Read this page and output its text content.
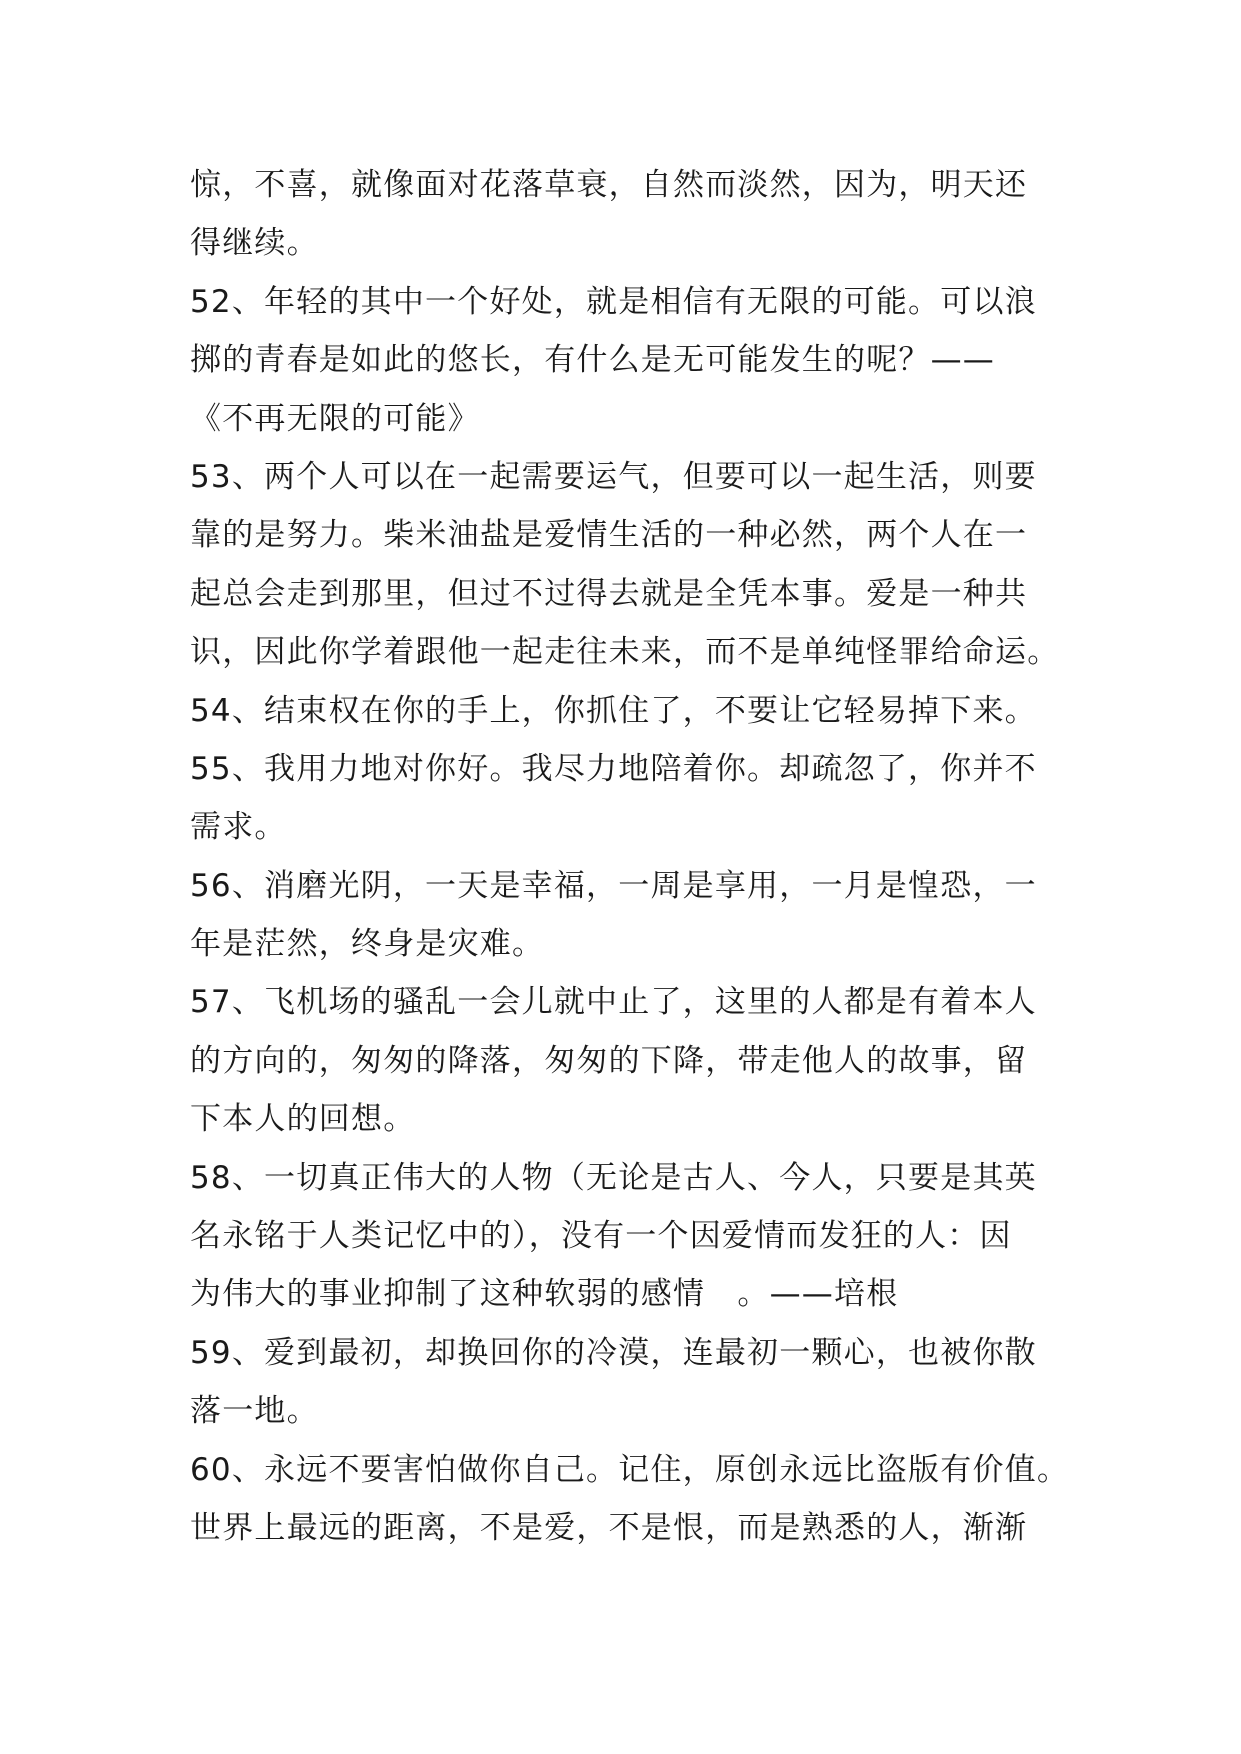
惊，不喜，就像面对花落草衰，自然而淡然，因为，明天还
得继续。
52、年轻的其中一个好处，就是相信有无限的可能。可以浪
掷的青春是如此的悠长，有什么是无可能发生的呢？——
《不再无限的可能》
53、两个人可以在一起需要运气，但要可以一起生活，则要
靠的是努力。柴米油盐是爱情生活的一种必然，两个人在一
起总会走到那里，但过不过得去就是全凭本事。爱是一种共
识，因此你学着跟他一起走往未来，而不是单纯怪罪给命运。
54、结束权在你的手上，你抓住了，不要让它轻易掉下来。
55、我用力地对你好。我尽力地陪着你。却疏忽了，你并不
需求。
56、消磨光阴，一天是幸福，一周是享用，一月是惶恐，一
年是茫然，终身是灾难。
57、飞机场的骚乱一会儿就中止了，这里的人都是有着本人
的方向的，匆匆的降落，匆匆的下降，带走他人的故事，留
下本人的回想。
58、一切真正伟大的人物（无论是古人、今人，只要是其英
名永铭于人类记忆中的），没有一个因爱情而发狂的人：因
为伟大的事业抑制了这种软弱的感情　。——培根
59、爱到最初，却换回你的冷漠，连最初一颗心，也被你散
落一地。
60、永远不要害怕做你自己。记住，原创永远比盗版有价值。
世界上最远的距离，不是爱，不是恨，而是熟悉的人，渐渐
